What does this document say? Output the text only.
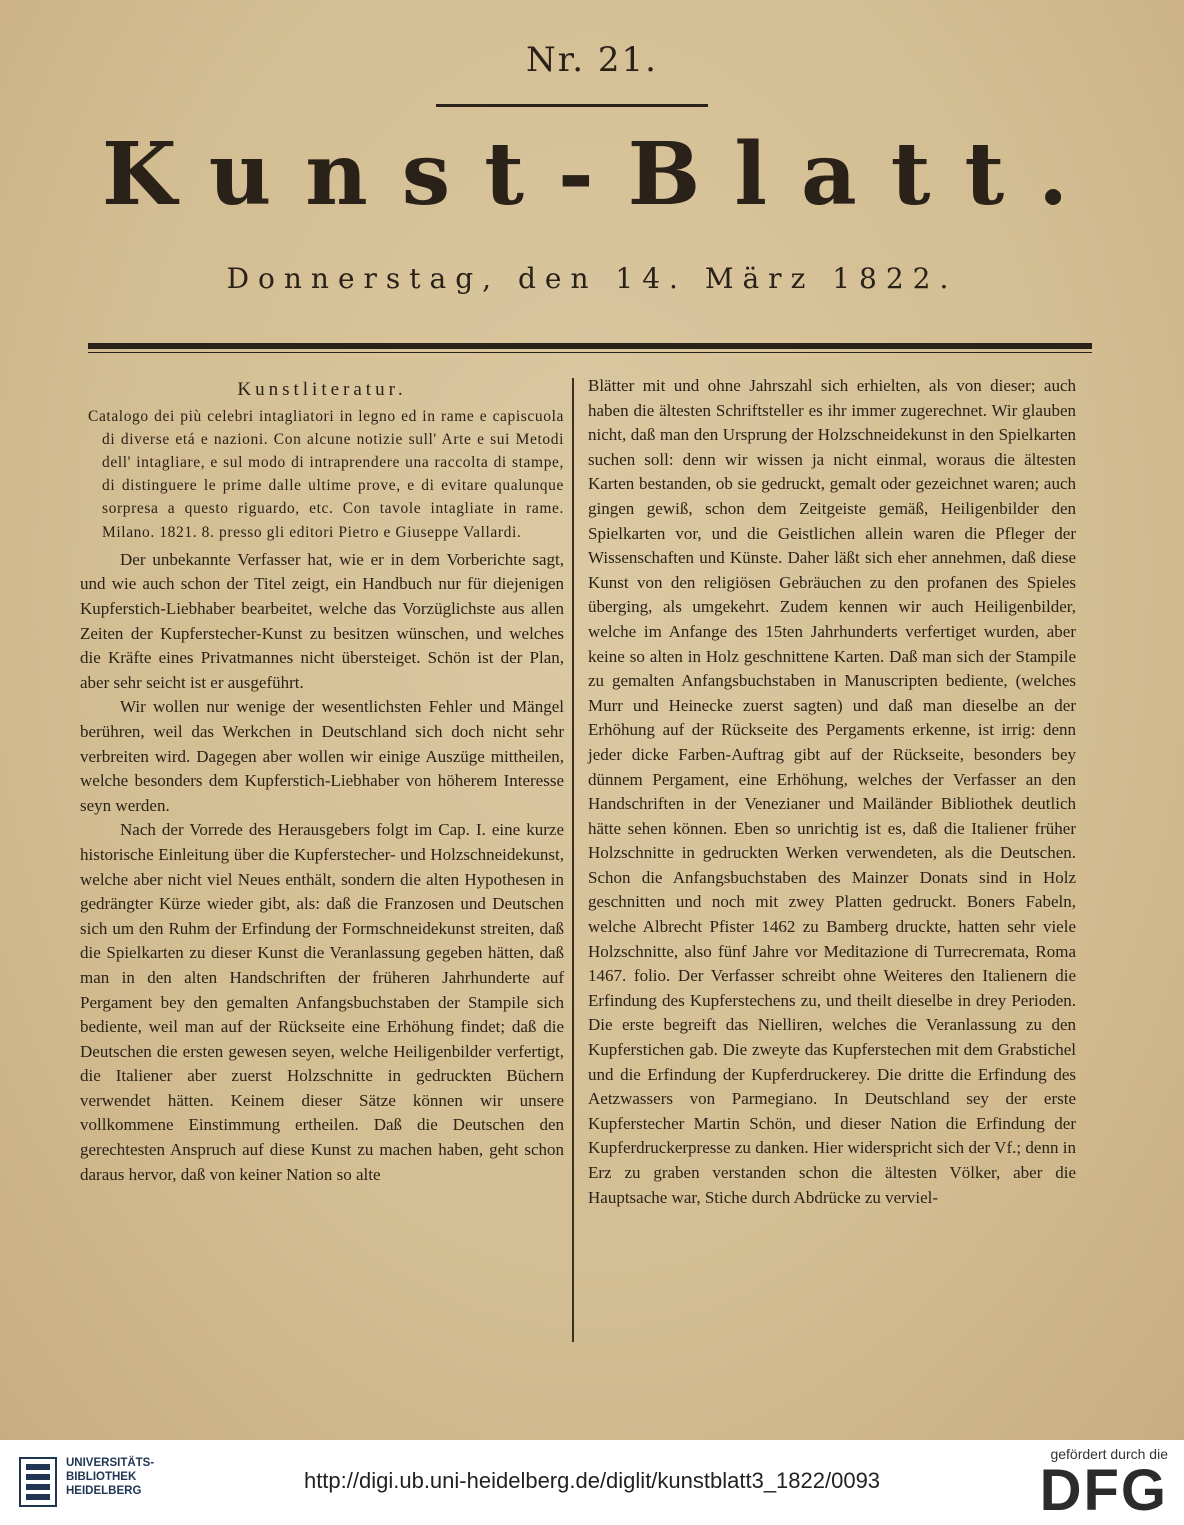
Nr. 21.
Kunst-Blatt.
Donnerstag, den 14. März 1822.
Kunstliteratur.
Catalogo dei più celebri intagliatori in legno ed in rame e capiscuola di diverse etá e nazioni. Con alcune notizie sull' Arte e sui Metodi dell' intagliare, e sul modo di intraprendere una raccolta di stampe, di distinguere le prime dalle ultime prove, e di evitare qualunque sorpresa a questo riguardo, etc. Con tavole intagliate in rame. Milano. 1821. 8. presso gli editori Pietro e Giuseppe Vallardi.

Der unbekannte Verfasser hat, wie er in dem Vorberichte sagt, und wie auch schon der Titel zeigt, ein Handbuch nur für diejenigen Kupferstich-Liebhaber bearbeitet, welche das Vorzüglichste aus allen Zeiten der Kupferstecher-Kunst zu besitzen wünschen, und welches die Kräfte eines Privatmannes nicht übersteiget. Schön ist der Plan, aber sehr seicht ist er ausgeführt.

Wir wollen nur wenige der wesentlichsten Fehler und Mängel berühren, weil das Werkchen in Deutschland sich doch nicht sehr verbreiten wird. Dagegen aber wollen wir einige Auszüge mittheilen, welche besonders dem Kupferstich-Liebhaber von höherem Interesse seyn werden.

Nach der Vorrede des Herausgebers folgt im Cap. I. eine kurze historische Einleitung über die Kupferstecher- und Holzschneidekunst, welche aber nicht viel Neues enthält, sondern die alten Hypothesen in gedrängter Kürze wieder gibt, als: daß die Franzosen und Deutschen sich um den Ruhm der Erfindung der Formschneidekunst streiten, daß die Spielkarten zu dieser Kunst die Veranlassung gegeben hätten, daß man in den alten Handschriften der früheren Jahrhunderte auf Pergament bey den gemalten Anfangsbuchstaben der Stampile sich bediente, weil man auf der Rückseite eine Erhöhung findet; daß die Deutschen die ersten gewesen seyen, welche Heiligenbilder verfertigt, die Italiener aber zuerst Holzschnitte in gedruckten Büchern verwendet hätten. Keinem dieser Sätze können wir unsere vollkommene Einstimmung ertheilen. Daß die Deutschen den gerechtesten Anspruch auf diese Kunst zu machen haben, geht schon daraus hervor, daß von keiner Nation so alte

Blätter mit und ohne Jahrszahl sich erhielten, als von dieser; auch haben die ältesten Schriftsteller es ihr immer zugerechnet. Wir glauben nicht, daß man den Ursprung der Holzschneidekunst in den Spielkarten suchen soll: denn wir wissen ja nicht einmal, woraus die ältesten Karten bestanden, ob sie gedruckt, gemalt oder gezeichnet waren; auch gingen gewiß, schon dem Zeitgeiste gemäß, Heiligenbilder den Spielkarten vor, und die Geistlichen allein waren die Pfleger der Wissenschaften und Künste. Daher läßt sich eher annehmen, daß diese Kunst von den religiösen Gebräuchen zu den profanen des Spieles überging, als umgekehrt. Zudem kennen wir auch Heiligenbilder, welche im Anfange des 15ten Jahrhunderts verfertiget wurden, aber keine so alten in Holz geschnittene Karten. Daß man sich der Stampile zu gemalten Anfangsbuchstaben in Manuscripten bediente, (welches Murr und Heinecke zuerst sagten) und daß man dieselbe an der Erhöhung auf der Rückseite des Pergaments erkenne, ist irrig: denn jeder dicke Farben-Auftrag gibt auf der Rückseite, besonders bey dünnem Pergament, eine Erhöhung, welches der Verfasser an den Handschriften in der Venezianer und Mailänder Bibliothek deutlich hätte sehen können. Eben so unrichtig ist es, daß die Italiener früher Holzschnitte in gedruckten Werken verwendeten, als die Deutschen. Schon die Anfangsbuchstaben des Mainzer Donats sind in Holz geschnitten und noch mit zwey Platten gedruckt. Boners Fabeln, welche Albrecht Pfister 1462 zu Bamberg druckte, hatten sehr viele Holzschnitte, also fünf Jahre vor Meditazione di Turrecremata, Roma 1467. folio. Der Verfasser schreibt ohne Weiteres den Italienern die Erfindung des Kupferstechens zu, und theilt dieselbe in drey Perioden. Die erste begreift das Nielliren, welches die Veranlassung zu den Kupferstichen gab. Die zweyte das Kupferstechen mit dem Grabstichel und die Erfindung der Kupferdruckerey. Die dritte die Erfindung des Aetzwassers von Parmegiano. In Deutschland sey der erste Kupferstecher Martin Schön, und dieser Nation die Erfindung der Kupferdruckerpresse zu danken. Hier widerspricht sich der Vf.; denn in Erz zu graben verstanden schon die ältesten Völker, aber die Hauptsache war, Stiche durch Abdrücke zu verviel-

UNIVERSITÄTS-
BIBLIOTHEK
HEIDELBERG	http://digi.ub.uni-heidelberg.de/diglit/kunstblatt3_1822/0093
gefördert durch die
DFG
